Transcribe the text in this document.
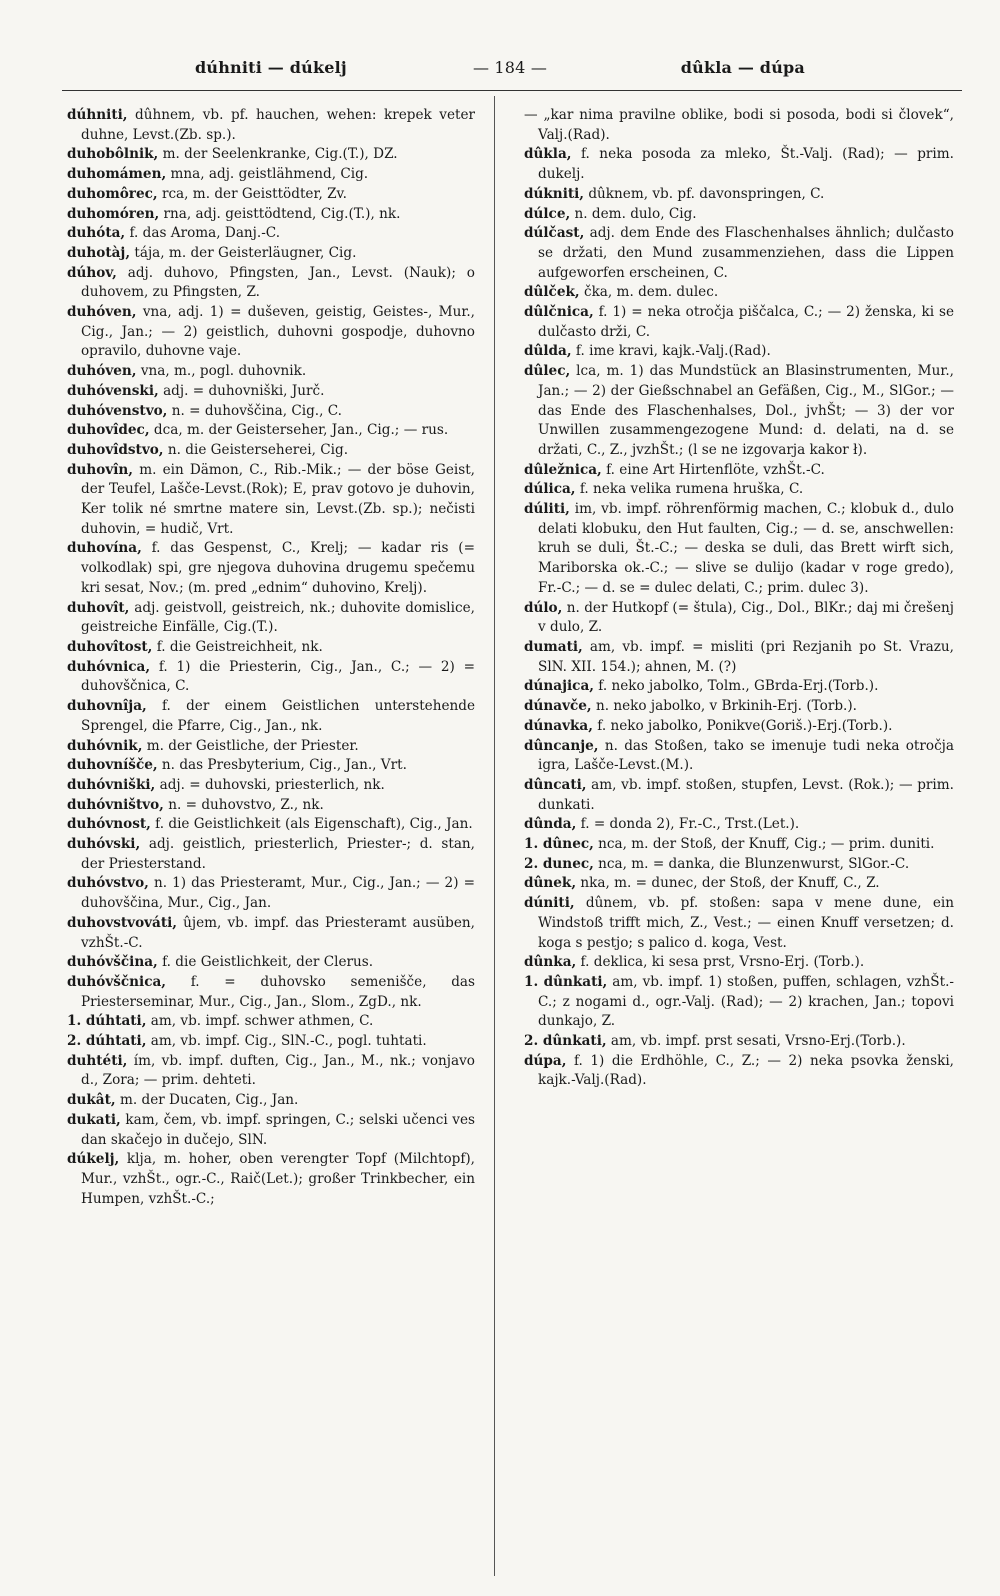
dúhniti — dúkelj	— 184 —	dûkla — dúpa

dúhniti, dûhnem, vb. pf. hauchen, wehen: krepek veter duhne, Levst.(Zb. sp.).

duhobôlnik, m. der Seelenkranke, Cig.(T.), DZ.

duhomámen, mna, adj. geistlähmend, Cig.

duhomôrec, rca, m. der Geisttödter, Zv.

duhomóren, rna, adj. geisttödtend, Cig.(T.), nk.

duhóta, f. das Aroma, Danj.-C.

duhotàj, tája, m. der Geisterläugner, Cig.

dúhov, adj. duhovo, Pfingsten, Jan., Levst. (Nauk); o duhovem, zu Pfingsten, Z.

duhóven, vna, adj. 1) = duševen, geistig, Geistes-, Mur., Cig., Jan.; — 2) geistlich, duhovni gospodje, duhovno opravilo, duhovne vaje.

duhóven, vna, m., pogl. duhovnik.

duhóvenski, adj. = duhovniški, Jurč.

duhóvenstvo, n. = duhovščina, Cig., C.

duhovîdec, dca, m. der Geisterseher, Jan., Cig.; — rus.

duhovîdstvo, n. die Geisterseherei, Cig.

duhovîn, m. ein Dämon, C., Rib.-Mik.; — der böse Geist, der Teufel, Lašče-Levst.(Rok); E, prav gotovo je duhovin, Ker tolik né smrtne matere sin, Levst.(Zb. sp.); nečisti duhovin, = hudič, Vrt.

duhovína, f. das Gespenst, C., Krelj; — kadar ris (= volkodlak) spi, gre njegova duhovina drugemu spečemu kri sesat, Nov.; (m. pred „ednim“ duhovino, Krelj).

duhovît, adj. geistvoll, geistreich, nk.; duhovite domislice, geistreiche Einfälle, Cig.(T.).

duhovîtost, f. die Geistreichheit, nk.

duhóvnica, f. 1) die Priesterin, Cig., Jan., C.; — 2) = duhovščnica, C.

duhovnîja, f. der einem Geistlichen unterstehende Sprengel, die Pfarre, Cig., Jan., nk.

duhóvnik, m. der Geistliche, der Priester.

duhovníšče, n. das Presbyterium, Cig., Jan., Vrt.

duhóvniški, adj. = duhovski, priesterlich, nk.

duhóvništvo, n. = duhovstvo, Z., nk.

duhóvnost, f. die Geistlichkeit (als Eigenschaft), Cig., Jan.

duhóvski, adj. geistlich, priesterlich, Priester-; d. stan, der Priesterstand.

duhóvstvo, n. 1) das Priesteramt, Mur., Cig., Jan.; — 2) = duhovščina, Mur., Cig., Jan.

duhovstvováti, ûjem, vb. impf. das Priesteramt ausüben, vzhŠt.-C.

duhóvščina, f. die Geistlichkeit, der Clerus.

duhóvščnica, f. = duhovsko semenišče, das Priesterseminar, Mur., Cig., Jan., Slom., ZgD., nk.

1. dúhtati, am, vb. impf. schwer athmen, C.

2. dúhtati, am, vb. impf. Cig., SlN.-C., pogl. tuhtati.

duhtéti, ím, vb. impf. duften, Cig., Jan., M., nk.; vonjavo d., Zora; — prim. dehteti.

dukât, m. der Ducaten, Cig., Jan.

dukati, kam, čem, vb. impf. springen, C.; selski učenci ves dan skačejo in dučejo, SlN.

dúkelj, klja, m. hoher, oben verengter Topf (Milchtopf), Mur., vzhŠt., ogr.-C., Raič(Let.); großer Trinkbecher, ein Humpen, vzhŠt.-C.;

— „kar nima pravilne oblike, bodi si posoda, bodi si človek“, Valj.(Rad).

dûkla, f. neka posoda za mleko, Št.-Valj. (Rad); — prim. dukelj.

dúkniti, dûknem, vb. pf. davonspringen, C.

dúlce, n. dem. dulo, Cig.

dúlčast, adj. dem Ende des Flaschenhalses ähnlich; dulčasto se držati, den Mund zusammenziehen, dass die Lippen aufgeworfen erscheinen, C.

dûlček, čka, m. dem. dulec.

dûlčnica, f. 1) = neka otročja piščalca, C.; — 2) ženska, ki se dulčasto drži, C.

dûlda, f. ime kravi, kajk.-Valj.(Rad).

dûlec, lca, m. 1) das Mundstück an Blasinstrumenten, Mur., Jan.; — 2) der Gießschnabel an Gefäßen, Cig., M., SlGor.; — das Ende des Flaschenhalses, Dol., jvhŠt; — 3) der vor Unwillen zusammengezogene Mund: d. delati, na d. se držati, C., Z., jvzhŠt.; (l se ne izgovarja kakor ł).

dûležnica, f. eine Art Hirtenflöte, vzhŠt.-C.

dúlica, f. neka velika rumena hruška, C.

dúliti, im, vb. impf. röhrenförmig machen, C.; klobuk d., dulo delati klobuku, den Hut faulten, Cig.; — d. se, anschwellen: kruh se duli, Št.-C.; — deska se duli, das Brett wirft sich, Mariborska ok.-C.; — slive se dulijo (kadar v roge gredo), Fr.-C.; — d. se = dulec delati, C.; prim. dulec 3).

dúlo, n. der Hutkopf (= štula), Cig., Dol., BlKr.; daj mi črešenj v dulo, Z.

dumati, am, vb. impf. = misliti (pri Rezjanih po St. Vrazu, SlN. XII. 154.); ahnen, M. (?)

dúnajica, f. neko jabolko, Tolm., GBrda-Erj.(Torb.).

dúnavče, n. neko jabolko, v Brkinih-Erj. (Torb.).

dúnavka, f. neko jabolko, Ponikve(Goriš.)-Erj.(Torb.).

dûncanje, n. das Stoßen, tako se imenuje tudi neka otročja igra, Lašče-Levst.(M.).

dûncati, am, vb. impf. stoßen, stupfen, Levst. (Rok.); — prim. dunkati.

dûnda, f. = donda 2), Fr.-C., Trst.(Let.).

1. dûnec, nca, m. der Stoß, der Knuff, Cig.; — prim. duniti.

2. dunec, nca, m. = danka, die Blunzenwurst, SlGor.-C.

dûnek, nka, m. = dunec, der Stoß, der Knuff, C., Z.

dúniti, dûnem, vb. pf. stoßen: sapa v mene dune, ein Windstoß trifft mich, Z., Vest.; — einen Knuff versetzen; d. koga s pestjo; s palico d. koga, Vest.

dûnka, f. deklica, ki sesa prst, Vrsno-Erj. (Torb.).

1. dûnkati, am, vb. impf. 1) stoßen, puffen, schlagen, vzhŠt.-C.; z nogami d., ogr.-Valj. (Rad); — 2) krachen, Jan.; topovi dunkajo, Z.

2. dûnkati, am, vb. impf. prst sesati, Vrsno-Erj.(Torb.).

dúpa, f. 1) die Erdhöhle, C., Z.; — 2) neka psovka ženski, kajk.-Valj.(Rad).
